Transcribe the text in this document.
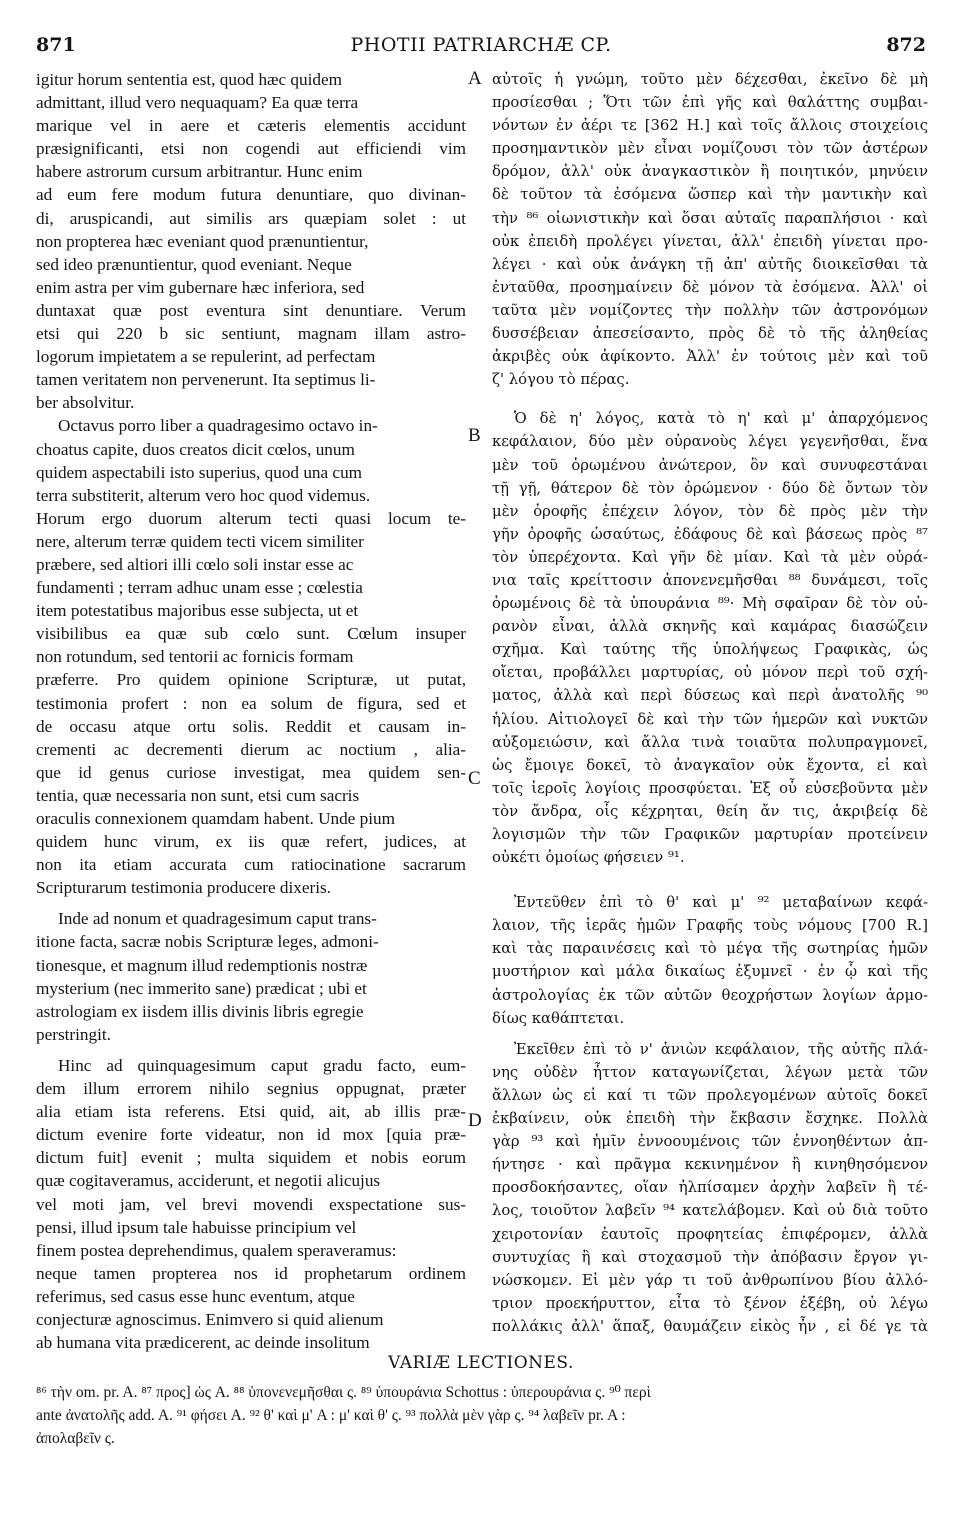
871	PHOTII PATRIARCHÆ CP.	872
A
B
C
D
igitur horum sententia est, quod hæc quidem
admittant, illud vero nequaquam? Ea quæ terra
marique vel in aere et cæteris elementis accidunt
præsignificanti, etsi non cogendi aut efficiendi vim
habere astrorum cursum arbitrantur. Hunc enim
ad eum fere modum futura denuntiare, quo divinan-
di, aruspicandi, aut similis ars quæpiam solet : ut
non propterea hæc eveniant quod prænuntientur,
sed ideo prænuntientur, quod eveniant. Neque
enim astra per vim gubernare hæc inferiora, sed
duntaxat quæ post eventura sint denuntiare. Verum
etsi qui 220 b sic sentiunt, magnam illam astro-
logorum impietatem a se repulerint, ad perfectam
tamen veritatem non pervenerunt. Ita septimus li-
ber absolvitur.
Octavus porro liber a quadragesimo octavo in-
choatus capite, duos creatos dicit cœlos, unum
quidem aspectabili isto superius, quod una cum
terra substiterit, alterum vero hoc quod videmus.
Horum ergo duorum alterum tecti quasi locum te-
nere, alterum terræ quidem tecti vicem similiter
præbere, sed altiori illi cœlo soli instar esse ac
fundamenti ; terram adhuc unam esse ; cœlestia
item potestatibus majoribus esse subjecta, ut et
visibilibus ea quæ sub cœlo sunt. Cœlum insuper
non rotundum, sed tentorii ac fornicis formam
præferre. Pro quidem opinione Scripturæ, ut putat,
testimonia profert : non ea solum de figura, sed et
de occasu atque ortu solis. Reddit et causam in-
crementi ac decrementi dierum ac noctium , alia-
que id genus curiose investigat, mea quidem sen-
tentia, quæ necessaria non sunt, etsi cum sacris
oraculis connexionem quamdam habent. Unde pium
quidem hunc virum, ex iis quæ refert, judices, at
non ita etiam accurata cum ratiocinatione sacrarum
Scripturarum testimonia producere dixeris.
Inde ad nonum et quadragesimum caput trans-
itione facta, sacræ nobis Scripturæ leges, admoni-
tionesque, et magnum illud redemptionis nostræ
mysterium (nec immerito sane) prædicat ; ubi et
astrologiam ex iisdem illis divinis libris egregie
perstringit.
Hinc ad quinquagesimum caput gradu facto, eum-
dem illum errorem nihilo segnius oppugnat, præter
alia etiam ista referens. Etsi quid, ait, ab illis præ-
dictum evenire forte videatur, non id mox [quia præ-
dictum fuit] evenit ; multa siquidem et nobis eorum
quæ cogitaveramus, acciderunt, et negotii alicujus
vel moti jam, vel brevi movendi exspectatione sus-
pensi, illud ipsum tale habuisse principium vel
finem postea deprehendimus, qualem speraveramus:
neque tamen propterea nos id prophetarum ordinem
referimus, sed casus esse hunc eventum, atque
conjecturæ agnoscimus. Enimvero si quid alienum
ab humana vita prædicerent, ac deinde insolitum
αὐτοῖς ἡ γνώμη, τοῦτο μὲν δέχεσθαι, ἐκεῖνο δὲ μὴ
προσίεσθαι ; Ὅτι τῶν ἐπὶ γῆς καὶ θαλάττης συμβαι-
νόντων ἐν ἀέρι τε [362 H.] καὶ τοῖς ἄλλοις στοιχείοις
προσημαντικὸν μὲν εἶναι νομίζουσι τὸν τῶν ἀστέρων
δρόμον, ἀλλ' οὐκ ἀναγκαστικὸν ἢ ποιητικόν, μηνύειν
δὲ τοῦτον τὰ ἐσόμενα ὥσπερ καὶ τὴν μαντικὴν καὶ
τὴν ⁸⁶ οἰωνιστικὴν καὶ ὅσαι αὐταῖς παραπλήσιοι · καὶ
οὐκ ἐπειδὴ προλέγει γίνεται, ἀλλ' ἐπειδὴ γίνεται προ-
λέγει · καὶ οὐκ ἀνάγκη τῇ ἀπ' αὐτῆς διοικεῖσθαι τὰ
ἐνταῦθα, προσημαίνειν δὲ μόνον τὰ ἐσόμενα. Ἀλλ' οἱ
ταῦτα μὲν νομίζοντες τὴν πολλὴν τῶν ἀστρονόμων
δυσσέβειαν ἀπεσείσαντο, πρὸς δὲ τὸ τῆς ἀληθείας
ἀκριβὲς οὐκ ἀφίκοντο. Ἀλλ' ἐν τούτοις μὲν καὶ τοῦ
ζ' λόγου τὸ πέρας.
Ὁ δὲ η' λόγος, κατὰ τὸ η' καὶ μ' ἀπαρχόμενος
κεφάλαιον, δύο μὲν οὐρανοὺς λέγει γεγενῆσθαι, ἕνα
μὲν τοῦ ὁρωμένου ἀνώτερον, ὃν καὶ συνυφεστάναι
τῇ γῇ, θάτερον δὲ τὸν ὁρώμενον · δύο δὲ ὄντων τὸν
μὲν ὀροφῆς ἐπέχειν λόγον, τὸν δὲ πρὸς μὲν τὴν
γῆν ὀροφῆς ὡσαύτως, ἐδάφους δὲ καὶ βάσεως πρὸς ⁸⁷
τὸν ὑπερέχοντα. Καὶ γῆν δὲ μίαν. Καὶ τὰ μὲν οὐρά-
νια ταῖς κρείττοσιν ἀπονενεμῆσθαι ⁸⁸ δυνάμεσι, τοῖς
ὁρωμένοις δὲ τὰ ὑπουράνια ⁸⁹· Μὴ σφαῖραν δὲ τὸν οὐ-
ρανὸν εἶναι, ἀλλὰ σκηνῆς καὶ καμάρας διασώζειν
σχῆμα. Καὶ ταύτης τῆς ὑπολήψεως Γραφικὰς, ὡς
οἴεται, προβάλλει μαρτυρίας, οὐ μόνον περὶ τοῦ σχή-
ματος, ἀλλὰ καὶ περὶ δύσεως καὶ περὶ ἀνατολῆς ⁹⁰
ἡλίου. Αἰτιολογεῖ δὲ καὶ τὴν τῶν ἡμερῶν καὶ νυκτῶν
αὐξομειώσιν, καὶ ἄλλα τινὰ τοιαῦτα πολυπραγμονεῖ,
ὡς ἔμοιγε δοκεῖ, τὸ ἀναγκαῖον οὐκ ἔχοντα, εἰ καὶ
τοῖς ἱεροῖς λογίοις προσφύεται. Ἐξ οὗ εὐσεβοῦντα μὲν
τὸν ἄνδρα, οἷς κέχρηται, θείη ἄν τις, ἀκριβείᾳ δὲ
λογισμῶν τὴν τῶν Γραφικῶν μαρτυρίαν προτείνειν
οὐκέτι ὁμοίως φήσειεν ⁹¹.
Ἐντεῦθεν ἐπὶ τὸ θ' καὶ μ' ⁹² μεταβαίνων κεφά-
λαιον, τῆς ἱερᾶς ἡμῶν Γραφῆς τοὺς νόμους [700 R.]
καὶ τὰς παραινέσεις καὶ τὸ μέγα τῆς σωτηρίας ἡμῶν
μυστήριον καὶ μάλα δικαίως ἐξυμνεῖ · ἐν ᾧ καὶ τῆς
ἀστρολογίας ἐκ τῶν αὐτῶν θεοχρήστων λογίων ἁρμο-
δίως καθάπτεται.
Ἐκεῖθεν ἐπὶ τὸ ν' ἀνιὼν κεφάλαιον, τῆς αὐτῆς πλά-
νης οὐδὲν ἧττον καταγωνίζεται, λέγων μετὰ τῶν
ἄλλων ὡς εἰ καί τι τῶν προλεγομένων αὐτοῖς δοκεῖ
ἐκβαίνειν, οὐκ ἐπειδὴ τὴν ἔκβασιν ἔσχηκε. Πολλὰ
γὰρ ⁹³ καὶ ἡμῖν ἐννοουμένοις τῶν ἐννοηθέντων ἀπ-
ήντησε · καὶ πρᾶγμα κεκινημένον ἢ κινηθησόμενον
προσδοκήσαντες, οἵαν ἠλπίσαμεν ἀρχὴν λαβεῖν ἢ τέ-
λος, τοιοῦτον λαβεῖν ⁹⁴ κατελάβομεν. Καὶ οὐ διὰ τοῦτο
χειροτονίαν ἑαυτοῖς προφητείας ἐπιφέρομεν, ἀλλὰ
συντυχίας ἢ καὶ στοχασμοῦ τὴν ἀπόβασιν ἔργον γι-
νώσκομεν. Εἰ μὲν γάρ τι τοῦ ἀνθρωπίνου βίου ἀλλό-
τριον προεκήρυττον, εἶτα τὸ ξένον ἐξέβη, οὐ λέγω
πολλάκις ἀλλ' ἅπαξ, θαυμάζειν εἰκὸς ἦν , εἰ δέ γε τὰ
VARIÆ LECTIONES.
⁸⁶ τὴν om. pr. A. ⁸⁷ προς] ὡς A. ⁸⁸ ὑπονενεμῆσθαι ς. ⁸⁹ ὑπουράνια Schottus : ὑπερουράνια ς. ⁹⁰ περὶ
ante ἀνατολῆς add. A. ⁹¹ φήσει A. ⁹² θ' καὶ μ' A : μ' καὶ θ' ς. ⁹³ πολλὰ μὲν γὰρ ς. ⁹⁴ λαβεῖν pr. A :
ἀπολαβεῖν ς.
